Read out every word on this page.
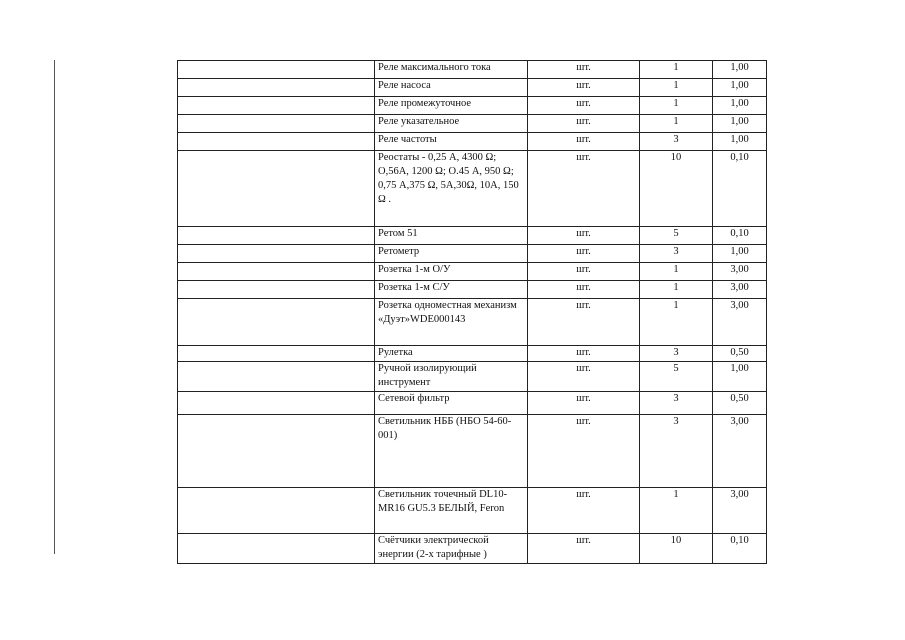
	Реле максимального тока	шт.	1	1,00
	Реле насоса	шт.	1	1,00
	Реле промежуточное	шт.	1	1,00
	Реле указательное	шт.	1	1,00
	Реле частоты	шт.	3	1,00
	Реостаты - 0,25 А, 4300 Ω; О,56А, 1200 Ω; О.45 А, 950 Ω; 0,75 А,375 Ω, 5А,30Ω, 10А, 150 Ω .	шт.	10	0,10
	Ретом 51	шт.	5	0,10
	Ретометр	шт.	3	1,00
	Розетка 1-м О/У	шт.	1	3,00
	Розетка 1-м С/У	шт.	1	3,00
	Розетка одноместная механизм «Дуэт»WDE000143	шт.	1	3,00
	Рулетка	шт.	3	0,50
	Ручной изолирующий инструмент	шт.	5	1,00
	Сетевой фильтр	шт.	3	0,50
	Светильник НББ (НБО 54-60-001)	шт.	3	3,00
	Светильник точечный DL10-MR16 GU5.3 БЕЛЫЙ, Feron	шт.	1	3,00
	Счётчики электрической энергии (2-х тарифные )	шт.	10	0,10
